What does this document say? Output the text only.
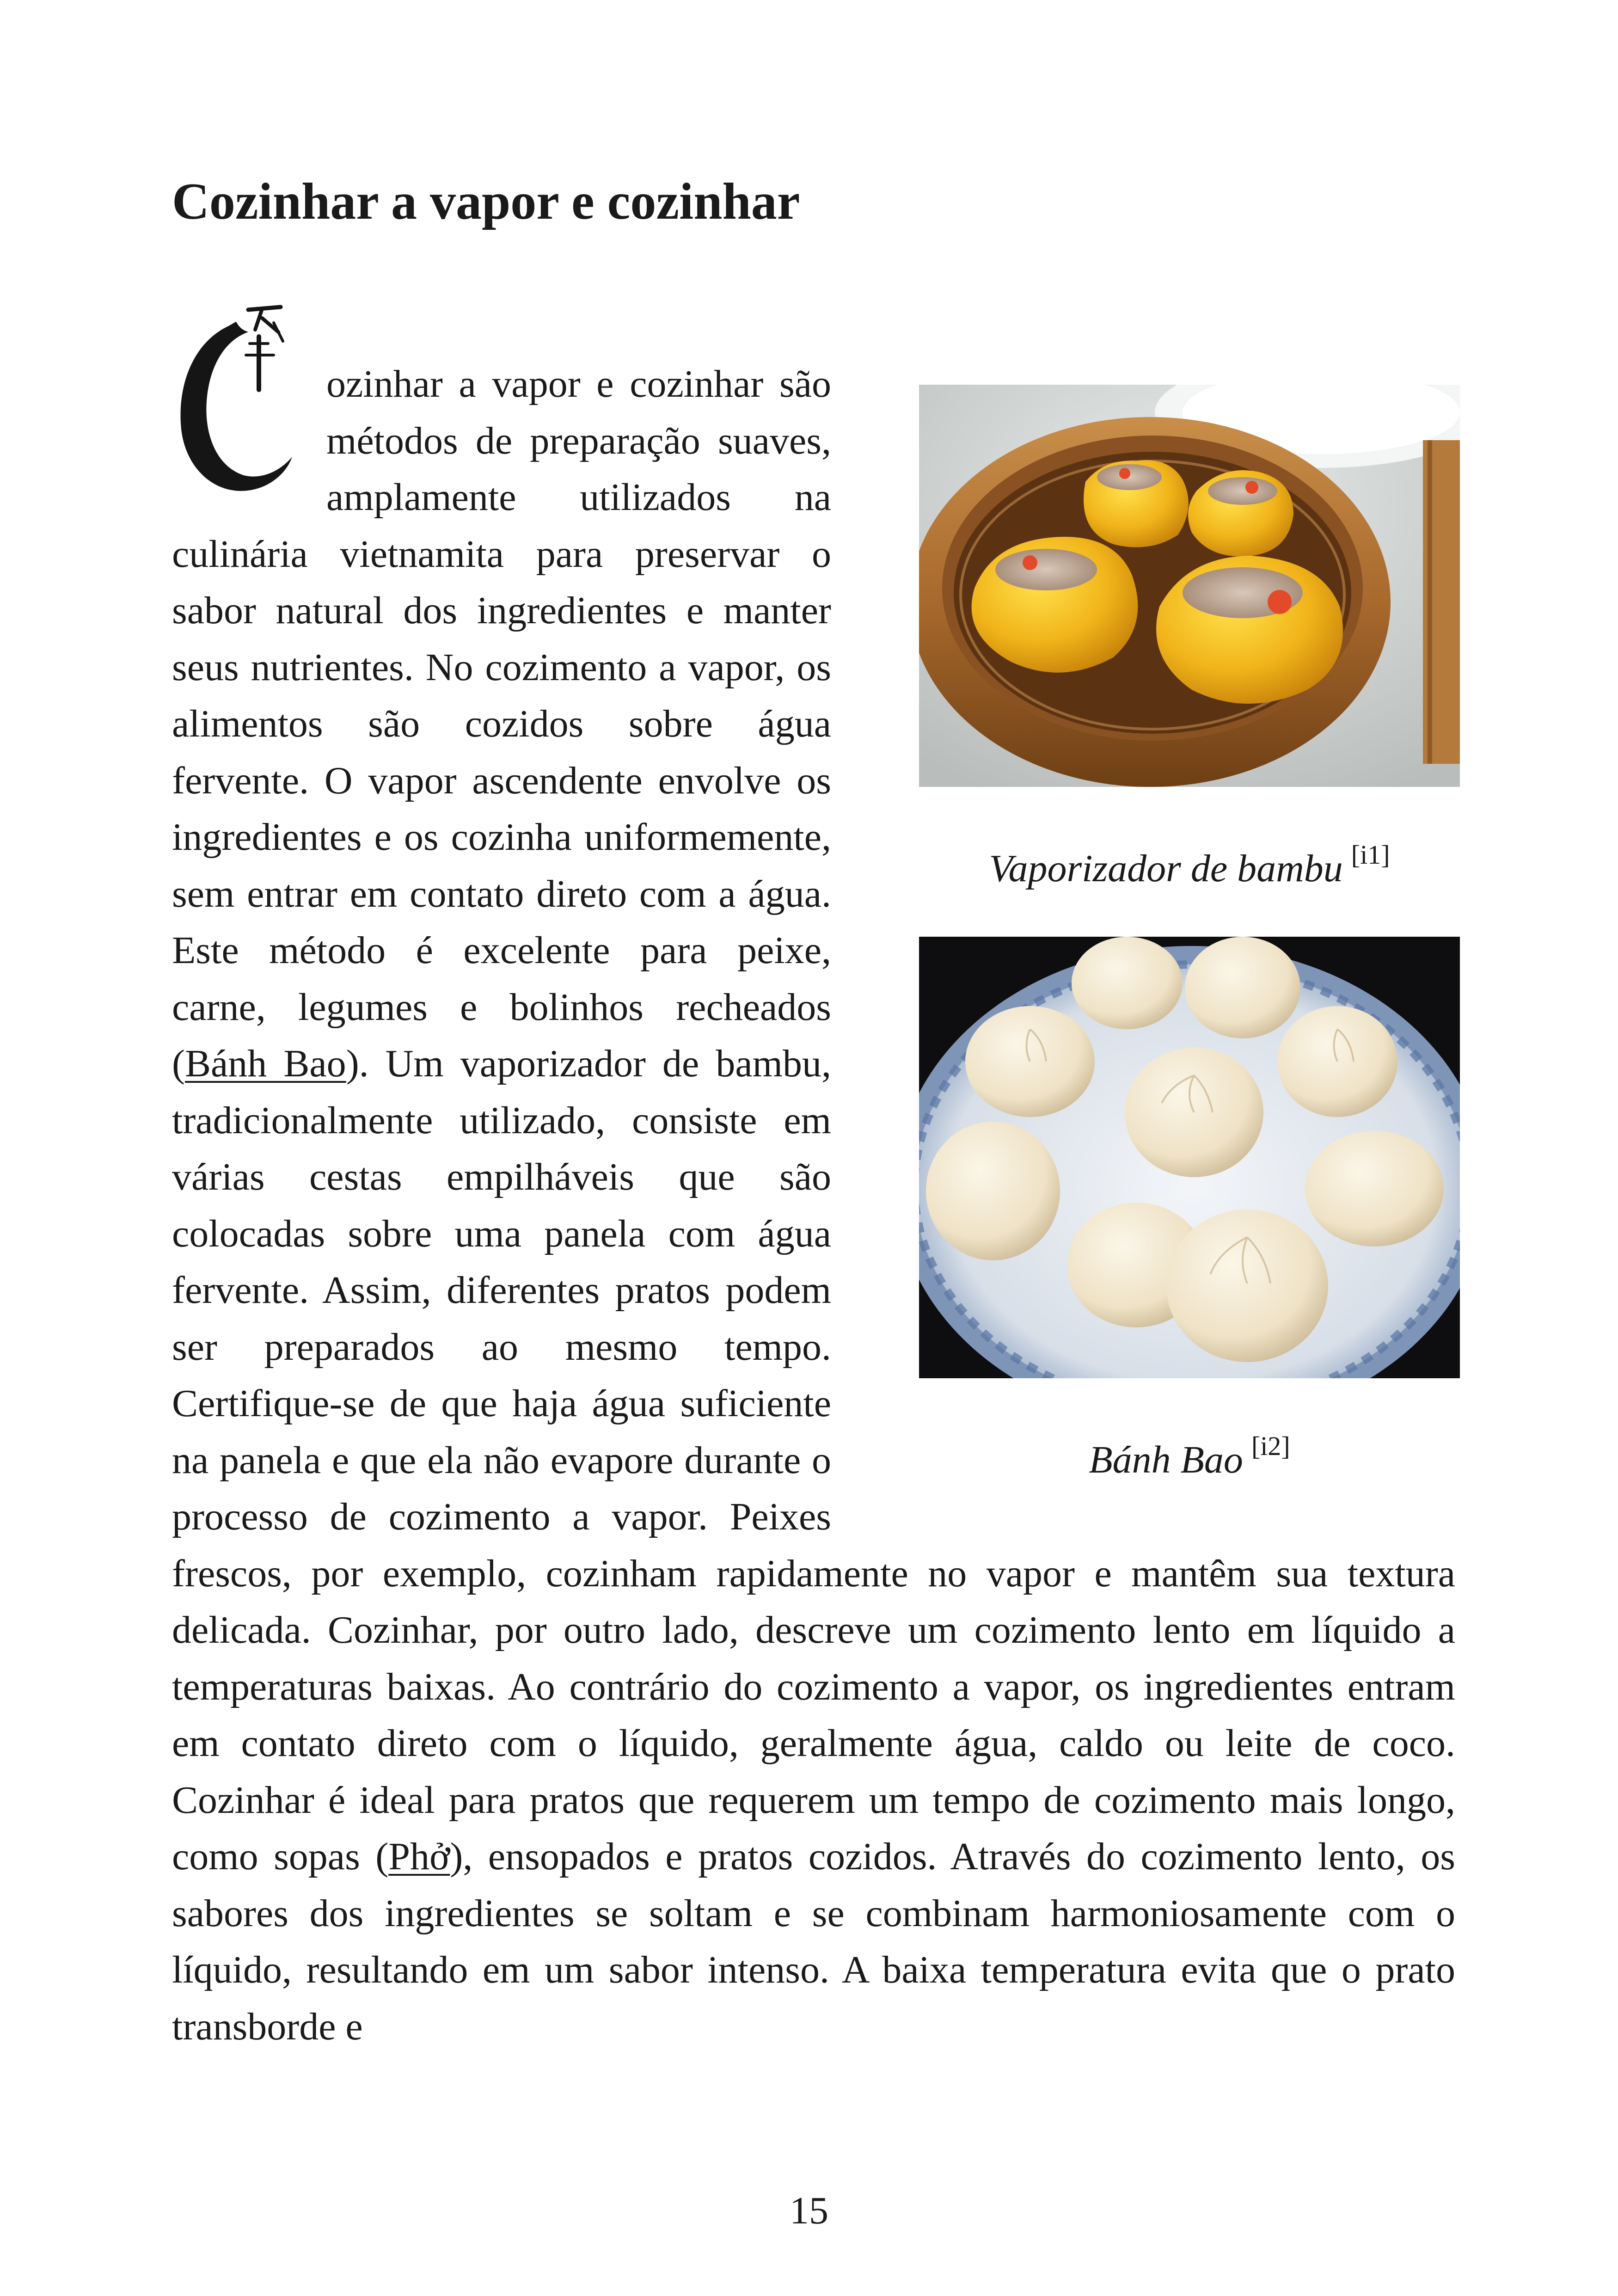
Cozinhar a vapor e cozinhar
Vaporizador de bambu [i1]
Bánh Bao [i2]
ozinhar a vapor e cozinhar são métodos de preparação suaves, amplamente utilizados na culinária vietnamita para preservar o sabor natural dos ingredientes e manter seus nutrientes. No cozimento a vapor, os alimentos são cozidos sobre água fervente. O vapor ascendente envolve os ingredientes e os cozinha uniformemente, sem entrar em contato direto com a água. Este método é excelente para peixe, carne, legumes e bolinhos recheados (Bánh Bao). Um vaporizador de bambu, tradicionalmente utilizado, consiste em várias cestas empilháveis que são colocadas sobre uma panela com água fervente. Assim, diferentes pratos podem ser preparados ao mesmo tempo. Certifique-se de que haja água suficiente na panela e que ela não evapore durante o processo de cozimento a vapor. Peixes frescos, por exemplo, cozinham rapidamente no vapor e mantêm sua textura delicada. Cozinhar, por outro lado, descreve um cozimento lento em líquido a temperaturas baixas. Ao contrário do cozimento a vapor, os ingredientes entram em contato direto com o líquido, geralmente água, caldo ou leite de coco. Cozinhar é ideal para pratos que requerem um tempo de cozimento mais longo, como sopas (Phở), ensopados e pratos cozidos. Através do cozimento lento, os sabores dos ingredientes se soltam e se combinam harmoniosamente com o líquido, resultando em um sabor intenso. A baixa temperatura evita que o prato transborde e
15
